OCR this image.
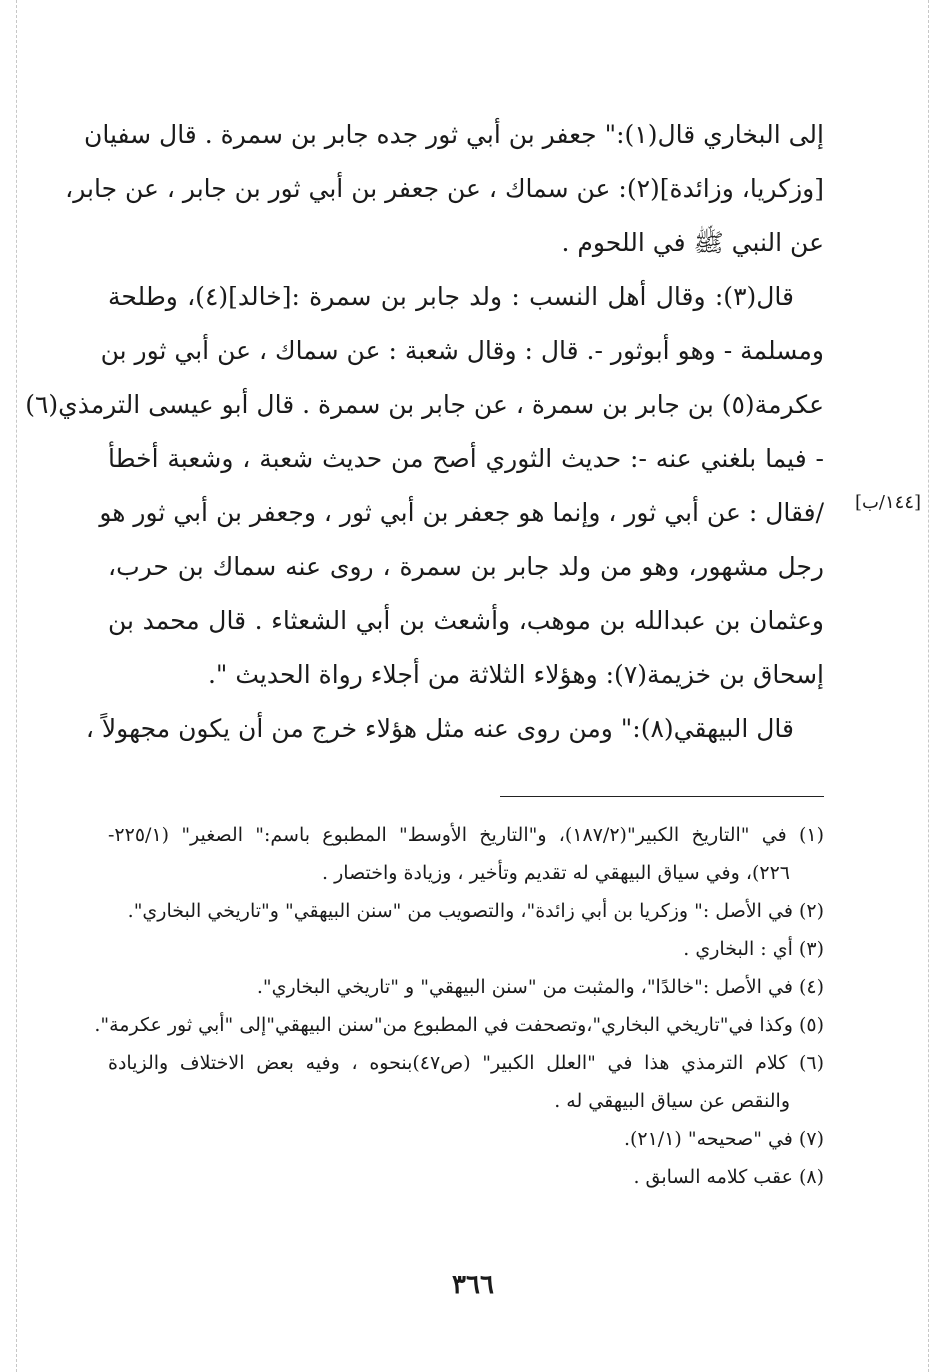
إلى البخاري قال(١):" جعفر بن أبي ثور جده جابر بن سمرة . قال سفيان
[وزكريا، وزائدة](٢): عن سماك ، عن جعفر بن أبي ثور بن جابر ، عن جابر،
عن النبي ﷺ في اللحوم .
قال(٣): وقال أهل النسب : ولد جابر بن سمرة :[خالد](٤)، وطلحة
ومسلمة - وهو أبوثور -. قال : وقال شعبة : عن سماك ، عن أبي ثور بن
عكرمة(٥) بن جابر بن سمرة ، عن جابر بن سمرة . قال أبو عيسى الترمذي(٦)
- فيما بلغني عنه -: حديث الثوري أصح من حديث شعبة ، وشعبة أخطأ
/فقال : عن أبي ثور ، وإنما هو جعفر بن أبي ثور ، وجعفر بن أبي ثور هو
رجل مشهور، وهو من ولد جابر بن سمرة ، روى عنه سماك بن حرب،
وعثمان بن عبدالله بن موهب، وأشعث بن أبي الشعثاء . قال محمد بن
إسحاق بن خزيمة(٧): وهؤلاء الثلاثة من أجلاء رواة الحديث ".
قال البيهقي(٨):" ومن روى عنه مثل هؤلاء خرج من أن يكون مجهولاً ،
[١٤٤/ب]
(١) في "التاريخ الكبير"(١٨٧/٢)، و"التاريخ الأوسط" المطبوع باسم:" الصغير" (٢٢٥/١-
٢٢٦)، وفي سياق البيهقي له تقديم وتأخير ، وزيادة واختصار .
(٢) في الأصل :" وزكريا بن أبي زائدة"، والتصويب من "سنن البيهقي" و"تاريخي البخاري".
(٣) أي : البخاري .
(٤) في الأصل :"خالدًا"، والمثبت من "سنن البيهقي" و "تاريخي البخاري".
(٥) وكذا في"تاريخي البخاري"،وتصحفت في المطبوع من"سنن البيهقي"إلى "أبي ثور عكرمة".
(٦) كلام الترمذي هذا في "العلل الكبير" (ص٤٧)بنحوه ، وفيه بعض الاختلاف والزيادة
والنقص عن سياق البيهقي له .
(٧) في "صحيحه" (٢١/١).
(٨) عقب كلامه السابق .
٣٦٦
